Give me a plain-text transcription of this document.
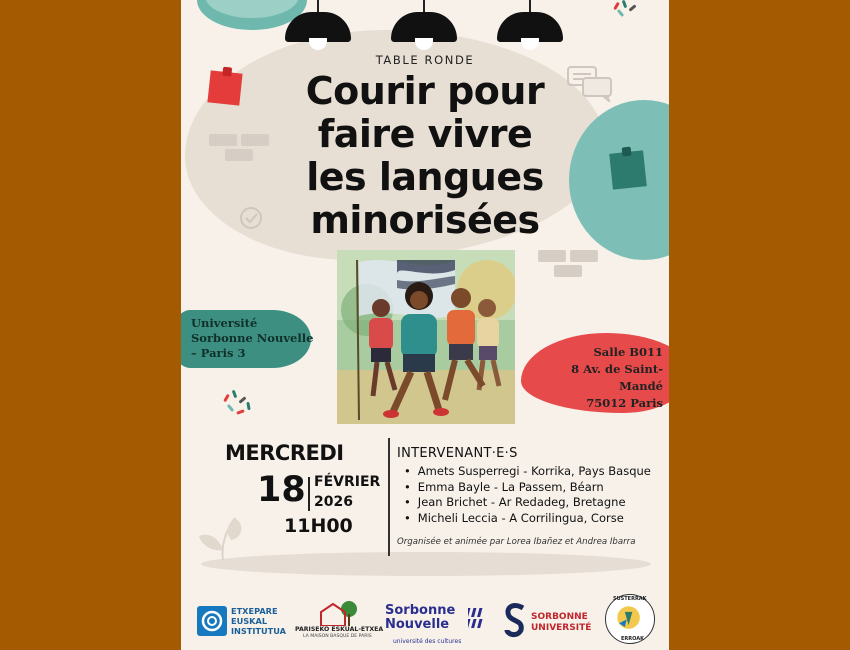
TABLE RONDE
Courir pour
faire vivre
les langues
minorisées
Université
Sorbonne Nouvelle
– Paris 3	Salle B011
8 Av. de Saint-Mandé
75012 Paris
MERCREDI
18 FÉVRIER
2026
11H00
INTERVENANT·E·S
• Amets Susperregi - Korrika, Pays Basque
• Emma Bayle - La Passem, Béarn
• Jean Brichet - Ar Redadeg, Bretagne
• Micheli Leccia - A Corrilingua, Corse
Organisée et animée par Lorea Ibañez et Andrea Ibarra
ETXEPARE
EUSKAL
INSTITUTUA PARISEKO ESKUAL-ETXEA
LA MAISON BASQUE DE PARIS
Sorbonne
Nouvelle
université des cultures
SORBONNE
UNIVERSITÉ
SUSTERRAK
ERROAK
